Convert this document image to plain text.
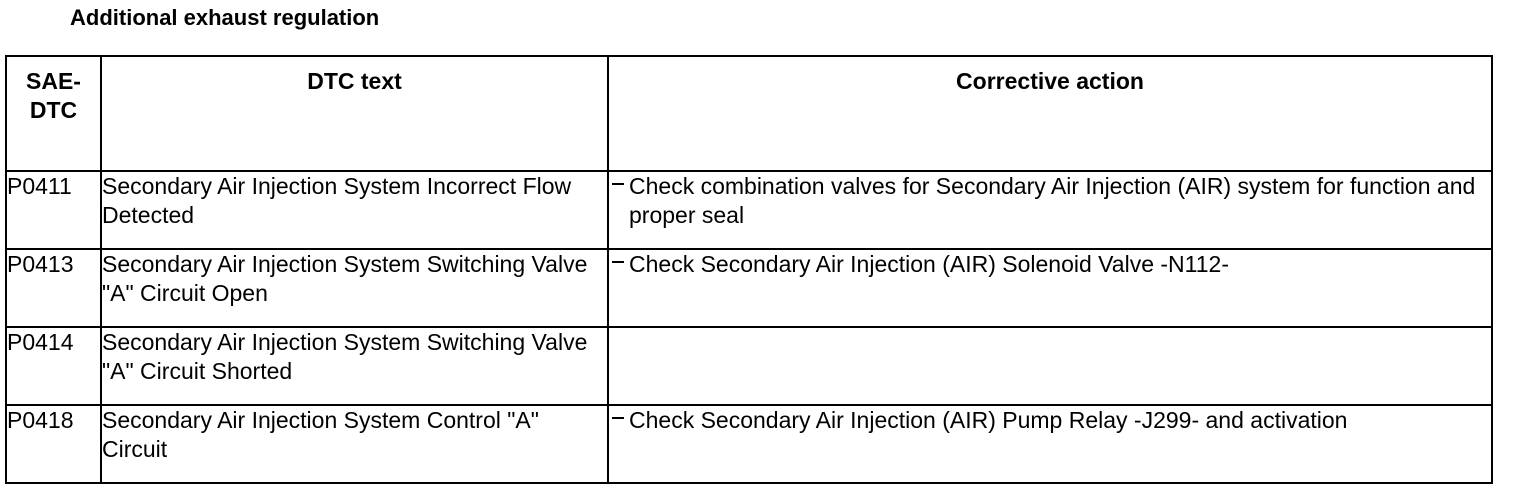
Additional exhaust regulation
SAE-
DTC	DTC text	Corrective action
P0411	Secondary Air Injection System Incorrect Flow Detected	Check combination valves for Secondary Air Injection (AIR) system for function and proper seal

P0413	Secondary Air Injection System Switching Valve "A" Circuit Open	Check Secondary Air Injection (AIR) Solenoid Valve -N112-

P0414	Secondary Air Injection System Switching Valve "A" Circuit Shorted	
P0418	Secondary Air Injection System Control "A" Circuit	Check Secondary Air Injection (AIR) Pump Relay -J299- and activation
